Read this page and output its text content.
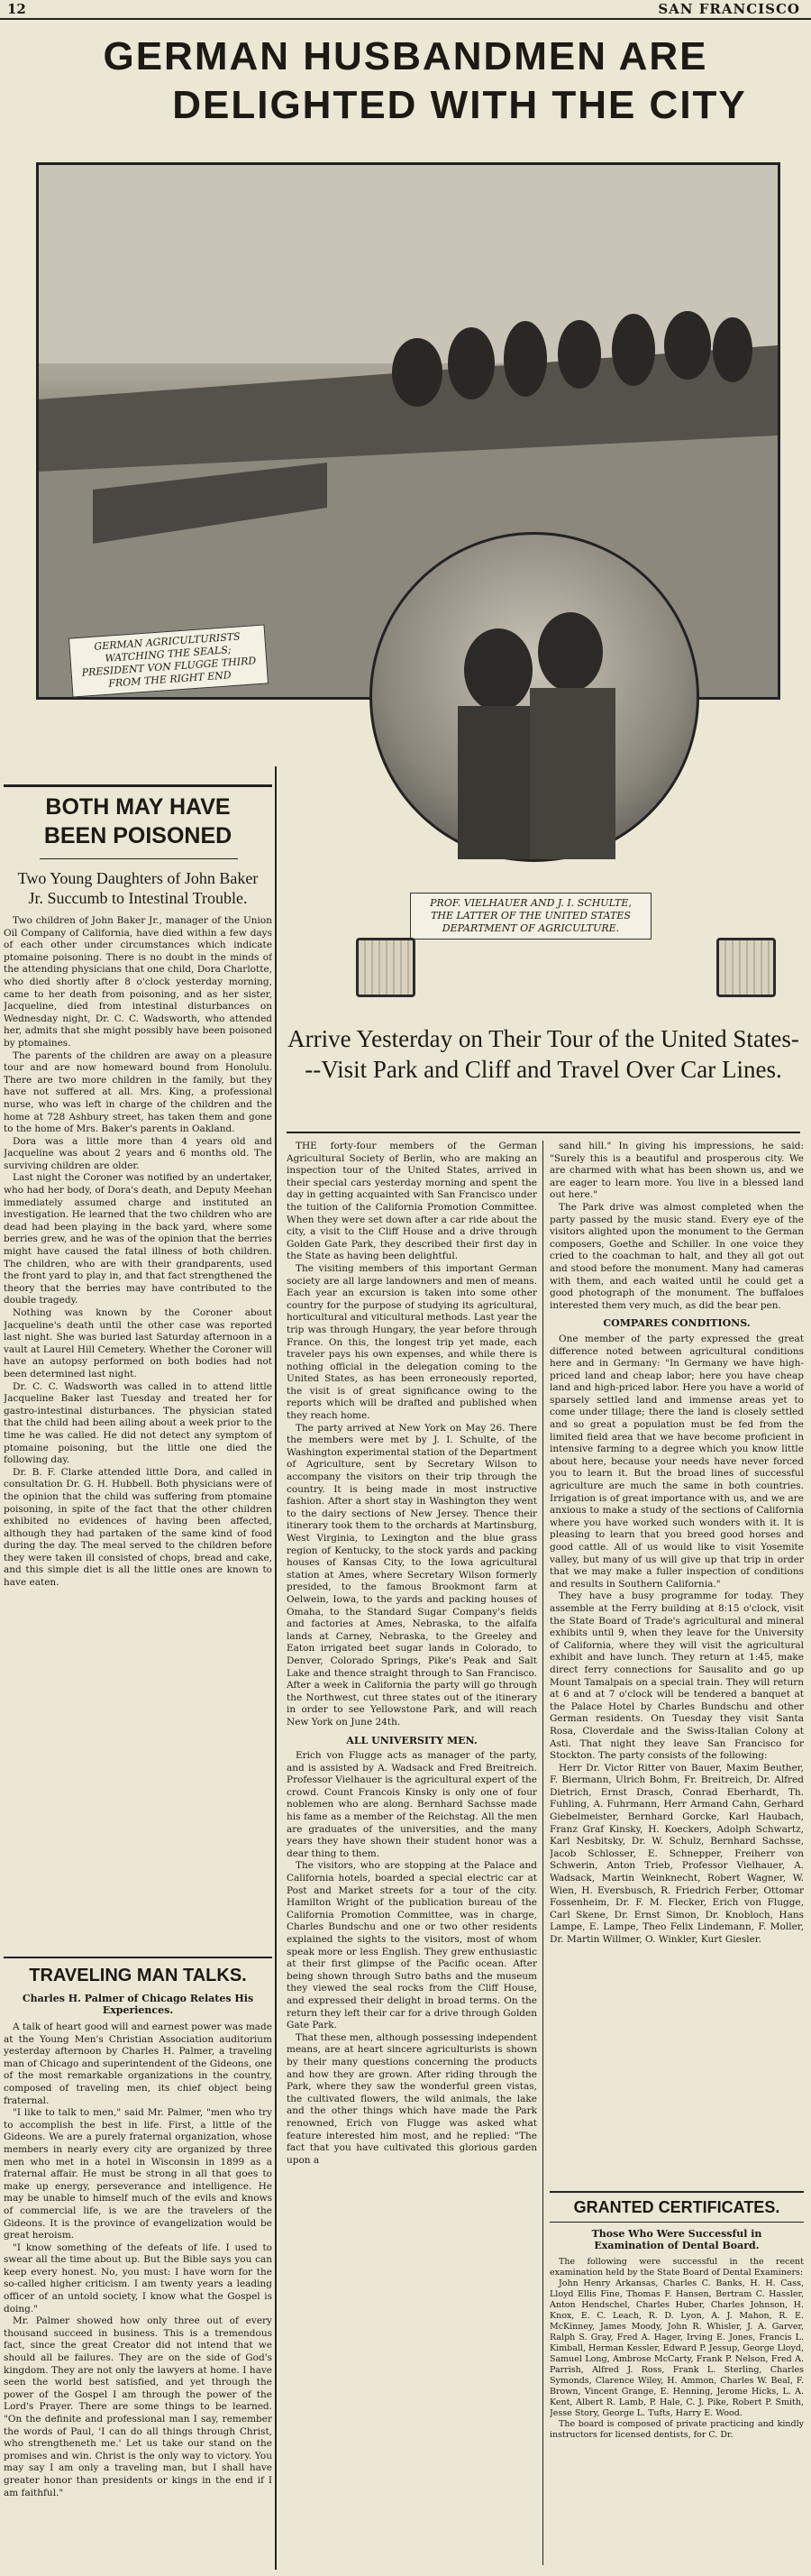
12	SAN FRANCISCO
GERMAN HUSBANDMEN ARE
DELIGHTED WITH THE CITY
GERMAN AGRICULTURISTS WATCHING THE SEALS; PRESIDENT VON FLUGGE THIRD FROM THE RIGHT END
PROF. VIELHAUER AND J. I. SCHULTE, THE LATTER OF THE UNITED STATES DEPARTMENT OF AGRICULTURE.
Arrive Yesterday on Their Tour of the United States---Visit Park and Cliff and Travel Over Car Lines.
BOTH MAY HAVE
BEEN POISONED
Two Young Daughters of John Baker Jr. Succumb to Intestinal Trouble.

Two children of John Baker Jr., manager of the Union Oil Company of California, have died within a few days of each other under circumstances which indicate ptomaine poisoning. There is no doubt in the minds of the attending physicians that one child, Dora Charlotte, who died shortly after 8 o'clock yesterday morning, came to her death from poisoning, and as her sister, Jacqueline, died from intestinal disturbances on Wednesday night, Dr. C. C. Wadsworth, who attended her, admits that she might possibly have been poisoned by ptomaines.

The parents of the children are away on a pleasure tour and are now homeward bound from Honolulu. There are two more children in the family, but they have not suffered at all. Mrs. King, a professional nurse, who was left in charge of the children and the home at 728 Ashbury street, has taken them and gone to the home of Mrs. Baker's parents in Oakland.

Dora was a little more than 4 years old and Jacqueline was about 2 years and 6 months old. The surviving children are older.

Last night the Coroner was notified by an undertaker, who had her body, of Dora's death, and Deputy Meehan immediately assumed charge and instituted an investigation. He learned that the two children who are dead had been playing in the back yard, where some berries grew, and he was of the opinion that the berries might have caused the fatal illness of both children. The children, who are with their grandparents, used the front yard to play in, and that fact strengthened the theory that the berries may have contributed to the double tragedy.

Nothing was known by the Coroner about Jacqueline's death until the other case was reported last night. She was buried last Saturday afternoon in a vault at Laurel Hill Cemetery. Whether the Coroner will have an autopsy performed on both bodies had not been determined last night.

Dr. C. C. Wadsworth was called in to attend little Jacqueline Baker last Tuesday and treated her for gastro-intestinal disturbances. The physician stated that the child had been ailing about a week prior to the time he was called. He did not detect any symptom of ptomaine poisoning, but the little one died the following day.

Dr. B. F. Clarke attended little Dora, and called in consultation Dr. G. H. Hubbell. Both physicians were of the opinion that the child was suffering from ptomaine poisoning, in spite of the fact that the other children exhibited no evidences of having been affected, although they had partaken of the same kind of food during the day. The meal served to the children before they were taken ill consisted of chops, bread and cake, and this simple diet is all the little ones are known to have eaten.

TRAVELING MAN TALKS.
Charles H. Palmer of Chicago Relates His Experiences.

A talk of heart good will and earnest power was made at the Young Men's Christian Association auditorium yesterday afternoon by Charles H. Palmer, a traveling man of Chicago and superintendent of the Gideons, one of the most remarkable organizations in the country, composed of traveling men, its chief object being fraternal.

"I like to talk to men," said Mr. Palmer, "men who try to accomplish the best in life. First, a little of the Gideons. We are a purely fraternal organization, whose members in nearly every city are organized by three men who met in a hotel in Wisconsin in 1899 as a fraternal affair. He must be strong in all that goes to make up energy, perseverance and intelligence. He may be unable to himself much of the evils and knows of commercial life, is we are the travelers of the Gideons. It is the province of evangelization would be great heroism.

"I know something of the defeats of life. I used to swear all the time about up. But the Bible says you can keep every honest. No, you must: I have worn for the so-called higher criticism. I am twenty years a leading officer of an untold society, I know what the Gospel is doing."

Mr. Palmer showed how only three out of every thousand succeed in business. This is a tremendous fact, since the great Creator did not intend that we should all be failures. They are on the side of God's kingdom. They are not only the lawyers at home. I have seen the world best satisfied, and yet through the power of the Gospel I am through the power of the Lord's Prayer. There are some things to be learned. "On the definite and professional man I say, remember the words of Paul, 'I can do all things through Christ, who strengtheneth me.' Let us take our stand on the promises and win. Christ is the only way to victory. You may say I am only a traveling man, but I shall have greater honor than presidents or kings in the end if I am faithful."

THE forty-four members of the German Agricultural Society of Berlin, who are making an inspection tour of the United States, arrived in their special cars yesterday morning and spent the day in getting acquainted with San Francisco under the tuition of the California Promotion Committee. When they were set down after a car ride about the city, a visit to the Cliff House and a drive through Golden Gate Park, they described their first day in the State as having been delightful.

The visiting members of this important German society are all large landowners and men of means. Each year an excursion is taken into some other country for the purpose of studying its agricultural, horticultural and viticultural methods. Last year the trip was through Hungary, the year before through France. On this, the longest trip yet made, each traveler pays his own expenses, and while there is nothing official in the delegation coming to the United States, as has been erroneously reported, the visit is of great significance owing to the reports which will be drafted and published when they reach home.

The party arrived at New York on May 26. There the members were met by J. I. Schulte, of the Washington experimental station of the Department of Agriculture, sent by Secretary Wilson to accompany the visitors on their trip through the country. It is being made in most instructive fashion. After a short stay in Washington they went to the dairy sections of New Jersey. Thence their itinerary took them to the orchards at Martinsburg, West Virginia, to Lexington and the blue grass region of Kentucky, to the stock yards and packing houses of Kansas City, to the Iowa agricultural station at Ames, where Secretary Wilson formerly presided, to the famous Brookmont farm at Oelwein, Iowa, to the yards and packing houses of Omaha, to the Standard Sugar Company's fields and factories at Ames, Nebraska, to the alfalfa lands at Carney, Nebraska, to the Greeley and Eaton irrigated beet sugar lands in Colorado, to Denver, Colorado Springs, Pike's Peak and Salt Lake and thence straight through to San Francisco. After a week in California the party will go through the Northwest, cut three states out of the itinerary in order to see Yellowstone Park, and will reach New York on June 24th.

ALL UNIVERSITY MEN.

Erich von Flugge acts as manager of the party, and is assisted by A. Wadsack and Fred Breitreich. Professor Vielhauer is the agricultural expert of the crowd. Count Francois Kinsky is only one of four noblemen who are along. Bernhard Sachsse made his fame as a member of the Reichstag. All the men are graduates of the universities, and the many years they have shown their student honor was a dear thing to them.

The visitors, who are stopping at the Palace and California hotels, boarded a special electric car at Post and Market streets for a tour of the city. Hamilton Wright of the publication bureau of the California Promotion Committee, was in charge, Charles Bundschu and one or two other residents explained the sights to the visitors, most of whom speak more or less English. They grew enthusiastic at their first glimpse of the Pacific ocean. After being shown through Sutro baths and the museum they viewed the seal rocks from the Cliff House, and expressed their delight in broad terms. On the return they left their car for a drive through Golden Gate Park.

That these men, although possessing independent means, are at heart sincere agriculturists is shown by their many questions concerning the products and how they are grown. After riding through the Park, where they saw the wonderful green vistas, the cultivated flowers, the wild animals, the lake and the other things which have made the Park renowned, Erich von Flugge was asked what feature interested him most, and he replied: "The fact that you have cultivated this glorious garden upon a

sand hill." In giving his impressions, he said: "Surely this is a beautiful and prosperous city. We are charmed with what has been shown us, and we are eager to learn more. You live in a blessed land out here."

The Park drive was almost completed when the party passed by the music stand. Every eye of the visitors alighted upon the monument to the German composers, Goethe and Schiller. In one voice they cried to the coachman to halt, and they all got out and stood before the monument. Many had cameras with them, and each waited until he could get a good photograph of the monument. The buffaloes interested them very much, as did the bear pen.

COMPARES CONDITIONS.

One member of the party expressed the great difference noted between agricultural conditions here and in Germany: "In Germany we have high-priced land and cheap labor; here you have cheap land and high-priced labor. Here you have a world of sparsely settled land and immense areas yet to come under tillage; there the land is closely settled and so great a population must be fed from the limited field area that we have become proficient in intensive farming to a degree which you know little about here, because your needs have never forced you to learn it. But the broad lines of successful agriculture are much the same in both countries. Irrigation is of great importance with us, and we are anxious to make a study of the sections of California where you have worked such wonders with it. It is pleasing to learn that you breed good horses and good cattle. All of us would like to visit Yosemite valley, but many of us will give up that trip in order that we may make a fuller inspection of conditions and results in Southern California."

They have a busy programme for today. They assemble at the Ferry building at 8:15 o'clock, visit the State Board of Trade's agricultural and mineral exhibits until 9, when they leave for the University of California, where they will visit the agricultural exhibit and have lunch. They return at 1:45, make direct ferry connections for Sausalito and go up Mount Tamalpais on a special train. They will return at 6 and at 7 o'clock will be tendered a banquet at the Palace Hotel by Charles Bundschu and other German residents. On Tuesday they visit Santa Rosa, Cloverdale and the Swiss-Italian Colony at Asti. That night they leave San Francisco for Stockton. The party consists of the following:

Herr Dr. Victor Ritter von Bauer, Maxim Beuther, F. Biermann, Ulrich Bohm, Fr. Breitreich, Dr. Alfred Dietrich, Ernst Drasch, Conrad Eberhardt, Th. Fuhling, A. Fuhrmann, Herr Armand Cahn, Gerhard Giebelmeister, Bernhard Gorcke, Karl Haubach, Franz Graf Kinsky, H. Koeckers, Adolph Schwartz, Karl Nesbitsky, Dr. W. Schulz, Bernhard Sachsse, Jacob Schlosser, E. Schnepper, Freiherr von Schwerin, Anton Trieb, Professor Vielhauer, A. Wadsack, Martin Weinknecht, Robert Wagner, W. Wien, H. Eversbusch, R. Friedrich Ferber, Ottomar Fossenheim, Dr. F. M. Flecker, Erich von Flugge, Carl Skene, Dr. Ernst Simon, Dr. Knobloch, Hans Lampe, E. Lampe, Theo Felix Lindemann, F. Moller, Dr. Martin Willmer, O. Winkler, Kurt Giesler.

GRANTED CERTIFICATES.
Those Who Were Successful in Examination of Dental Board.

The following were successful in the recent examination held by the State Board of Dental Examiners:

John Henry Arkansas, Charles C. Banks, H. H. Cass, Lloyd Ellis Fine, Thomas F. Hansen, Bertram C. Hassler, Anton Hendschel, Charles Huber, Charles Johnson, H. Knox, E. C. Leach, R. D. Lyon, A. J. Mahon, R. E. McKinney, James Moody, John R. Whisler, J. A. Garver, Ralph S. Gray, Fred A. Hager, Irving E. Jones, Francis L. Kimball, Herman Kessler, Edward P. Jessup, George Lloyd, Samuel Long, Ambrose McCarty, Frank P. Nelson, Fred A. Parrish, Alfred J. Ross, Frank L. Sterling, Charles Symonds, Clarence Wiley, H. Ammon, Charles W. Beal, F. Brown, Vincent Grange, E. Henning, Jerome Hicks, L. A. Kent, Albert R. Lamb, P. Hale, C. J. Pike, Robert P. Smith, Jesse Story, George L. Tufts, Harry E. Wood.

The board is composed of private practicing and kindly instructors for licensed dentists, for C. Dr.
